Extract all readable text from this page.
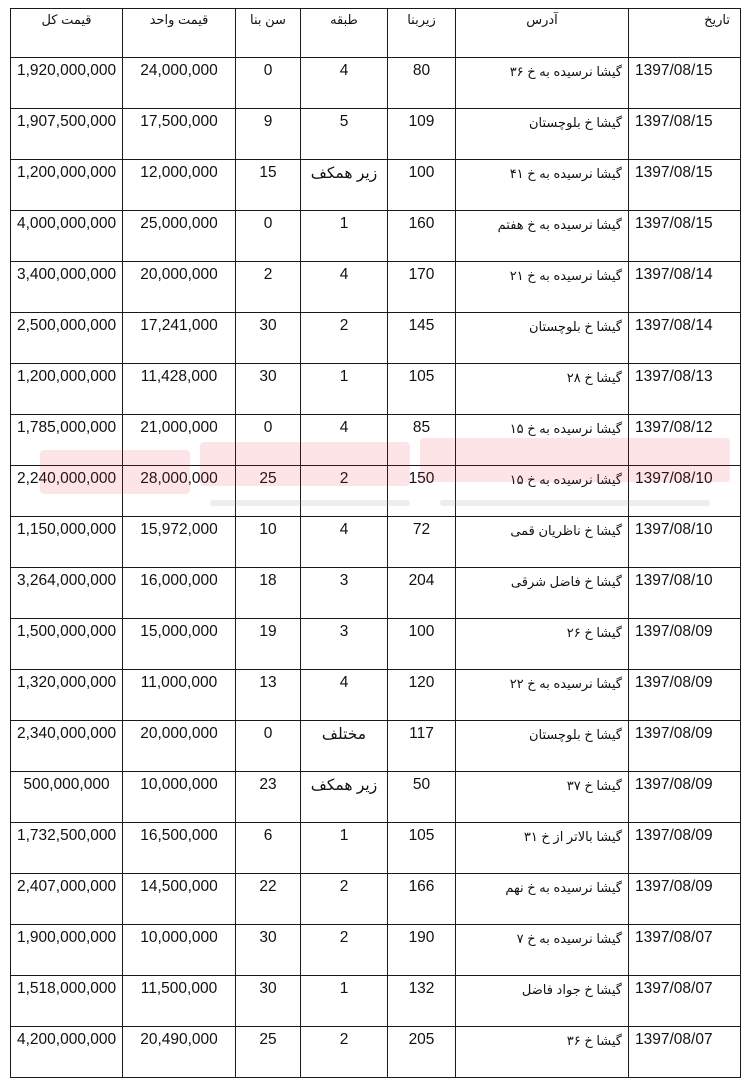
تاریخ	آدرس	زیربنا	طبقه	سن بنا	قیمت واحد	قیمت کل
1397/08/15	گیشا نرسیده به خ ۳۶	80	4	0	24,000,000	1,920,000,000
1397/08/15	گیشا خ بلوچستان	109	5	9	17,500,000	1,907,500,000
1397/08/15	گیشا نرسیده به خ ۴۱	100	زیر همکف	15	12,000,000	1,200,000,000
1397/08/15	گیشا نرسیده به خ هفتم	160	1	0	25,000,000	4,000,000,000
1397/08/14	گیشا نرسیده به خ ۲۱	170	4	2	20,000,000	3,400,000,000
1397/08/14	گیشا خ بلوچستان	145	2	30	17,241,000	2,500,000,000
1397/08/13	گیشا خ ۲۸	105	1	30	11,428,000	1,200,000,000
1397/08/12	گیشا نرسیده به خ ۱۵	85	4	0	21,000,000	1,785,000,000
1397/08/10	گیشا نرسیده به خ ۱۵	150	2	25	28,000,000	2,240,000,000
1397/08/10	گیشا خ ناظریان قمی	72	4	10	15,972,000	1,150,000,000
1397/08/10	گیشا خ فاضل شرقی	204	3	18	16,000,000	3,264,000,000
1397/08/09	گیشا خ ۲۶	100	3	19	15,000,000	1,500,000,000
1397/08/09	گیشا نرسیده به خ ۲۲	120	4	13	11,000,000	1,320,000,000
1397/08/09	گیشا خ بلوچستان	117	مختلف	0	20,000,000	2,340,000,000
1397/08/09	گیشا خ ۳۷	50	زیر همکف	23	10,000,000	500,000,000
1397/08/09	گیشا بالاتر از خ ۳۱	105	1	6	16,500,000	1,732,500,000
1397/08/09	گیشا نرسیده به خ نهم	166	2	22	14,500,000	2,407,000,000
1397/08/07	گیشا نرسیده به خ ۷	190	2	30	10,000,000	1,900,000,000
1397/08/07	گیشا خ جواد فاضل	132	1	30	11,500,000	1,518,000,000
1397/08/07	گیشا خ ۳۶	205	2	25	20,490,000	4,200,000,000
